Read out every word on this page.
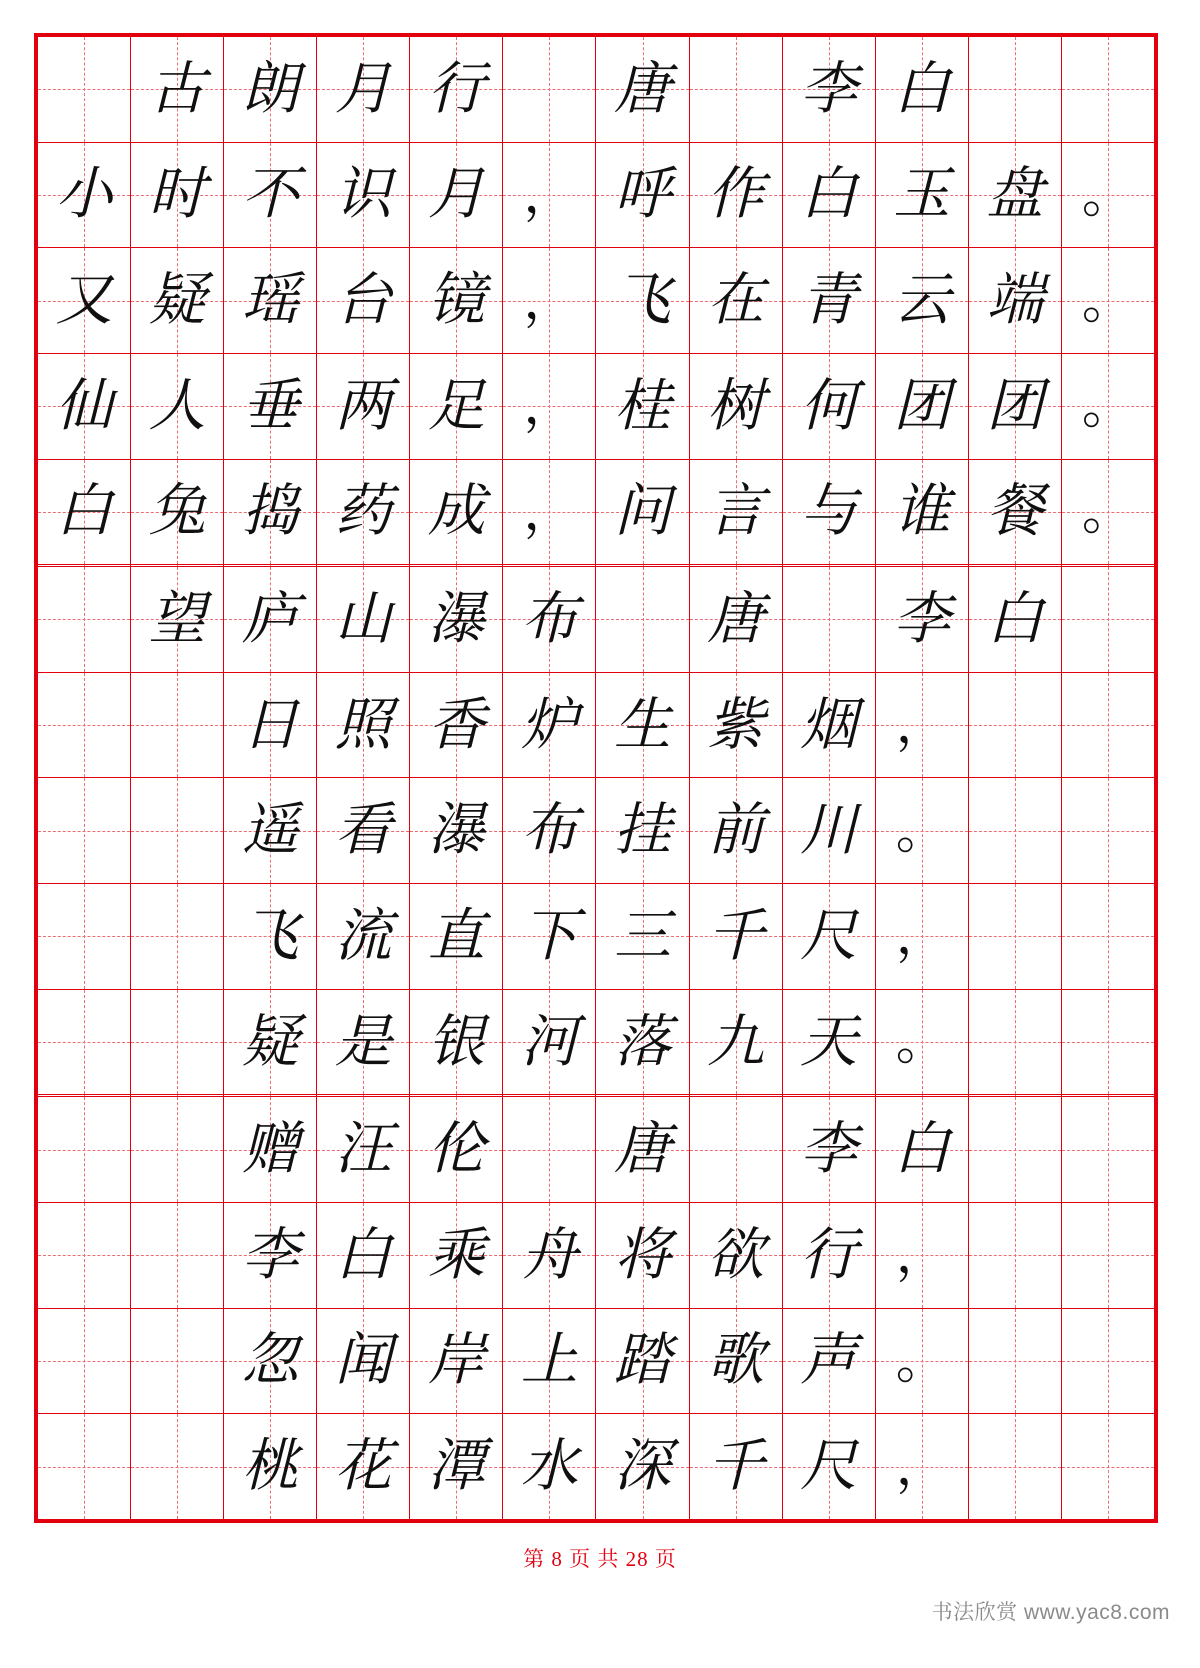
古	朗	月	行		唐		李	白	

小	时	不	识	月	，	呼	作	白	玉	盘	。

又	疑	瑶	台	镜	，	飞	在	青	云	端	。

仙	人	垂	两	足	，	桂	树	何	团	团	。

白	兔	捣	药	成	，	问	言	与	谁	餐	。

望	庐	山	瀑	布		唐		李	白	

日	照	香	炉	生	紫	烟	，	

遥	看	瀑	布	挂	前	川	。	

飞	流	直	下	三	千	尺	，	

疑	是	银	河	落	九	天	。	

赠	汪	伦		唐		李	白	

李	白	乘	舟	将	欲	行	，	

忽	闻	岸	上	踏	歌	声	。	

桃	花	潭	水	深	千	尺	，	

第 8 页 共 28 页
书法欣赏 www.yac8.com
